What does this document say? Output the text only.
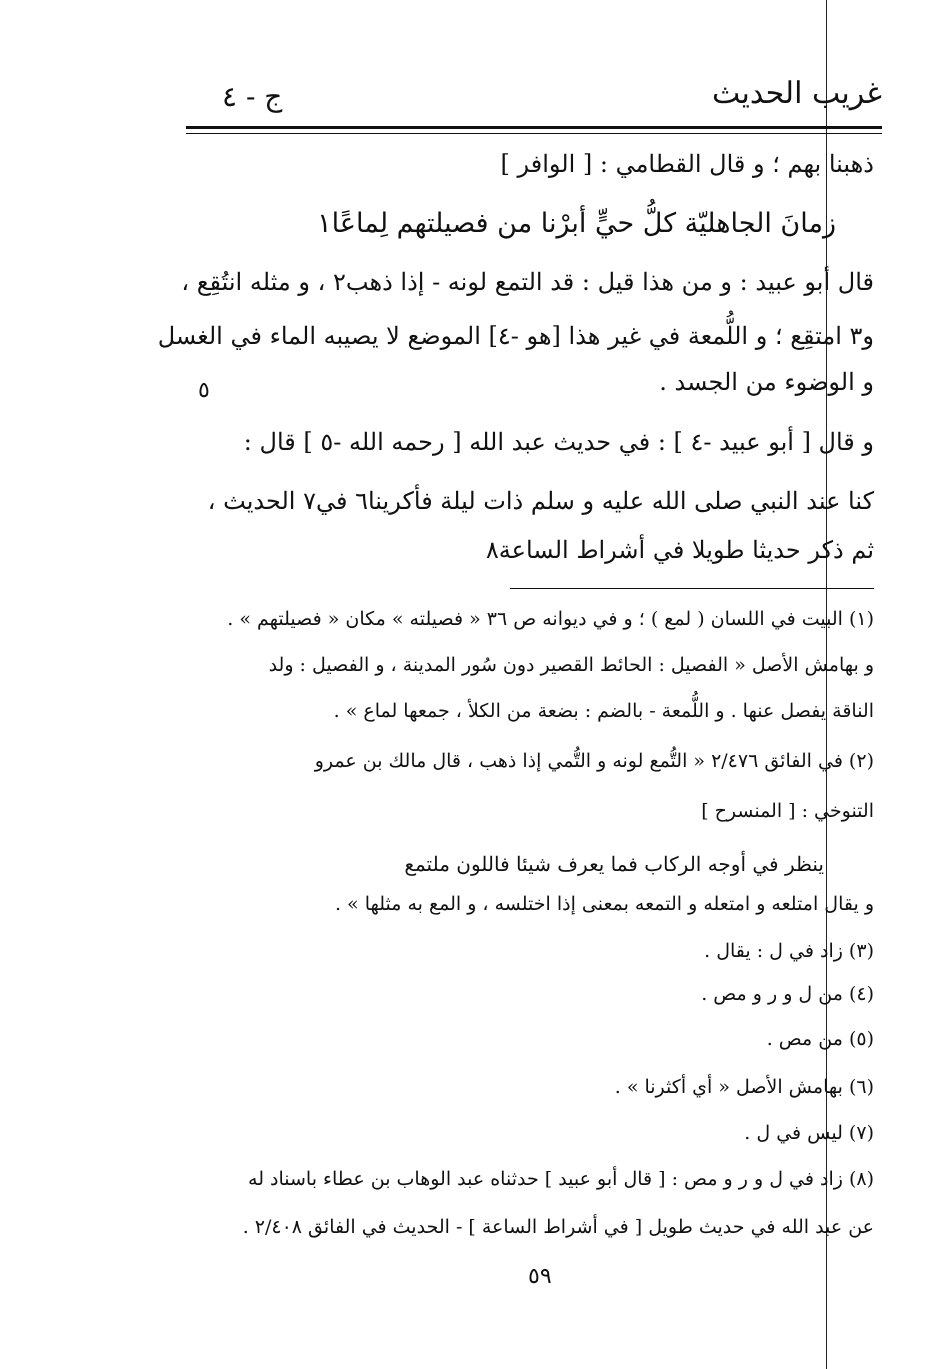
غريب الحديث
ج - ٤
ذهبنا بهم ؛ و قال القطامي : [ الوافر ]
زمانَ الجاهليّة كلُّ حيٍّ أبرْنا من فصيلتهم لِماعًا١
قال أبو عبيد : و من هذا قيل : قد التمع لونه - إذا ذهب٢ ، و مثله انتُقِع ،
و٣ امتقِع ؛ و اللُّمعة في غير هذا [هو -٤] الموضع لا يصيبه الماء في الغسل
و الوضوء من الجسد .
٥
و قال [ أبو عبيد -٤ ] : في حديث عبد الله [ رحمه الله -٥ ] قال :
كنا عند النبي صلى الله عليه و سلم ذات ليلة فأكرينا٦ في٧ الحديث ،
ثم ذكر حديثا طويلا في أشراط الساعة٨
(١) البيت في اللسان ( لمع ) ؛ و في ديوانه ص ٣٦ « فصيلته » مكان « فصيلتهم » .
و بهامش الأصل « الفصيل : الحائط القصير دون سُور المدينة ، و الفصيل : ولد
الناقة يفصل عنها . و اللُّمعة - بالضم : بضعة من الكلأ ، جمعها لماع » .
(٢) في الفائق ٢/٤٧٦ « التُّمع لونه و التُّمي إذا ذهب ، قال مالك بن عمرو
التنوخي : [ المنسرح ]
ينظر في أوجه الركاب فما يعرف شيئا فاللون ملتمع
و يقال امتلعه و امتعله و التمعه بمعنى إذا اختلسه ، و المع به مثلها » .
(٣) زاد في ل : يقال .
(٤) من ل و ر و مص .
(٥) من مص .
(٦) بهامش الأصل « أي أكثرنا » .
(٧) ليس في ل .
(٨) زاد في ل و ر و مص : [ قال أبو عبيد ] حدثناه عبد الوهاب بن عطاء باسناد له
عن عبد الله في حديث طويل [ في أشراط الساعة ] - الحديث في الفائق ٢/٤٠٨ .
٥٩
